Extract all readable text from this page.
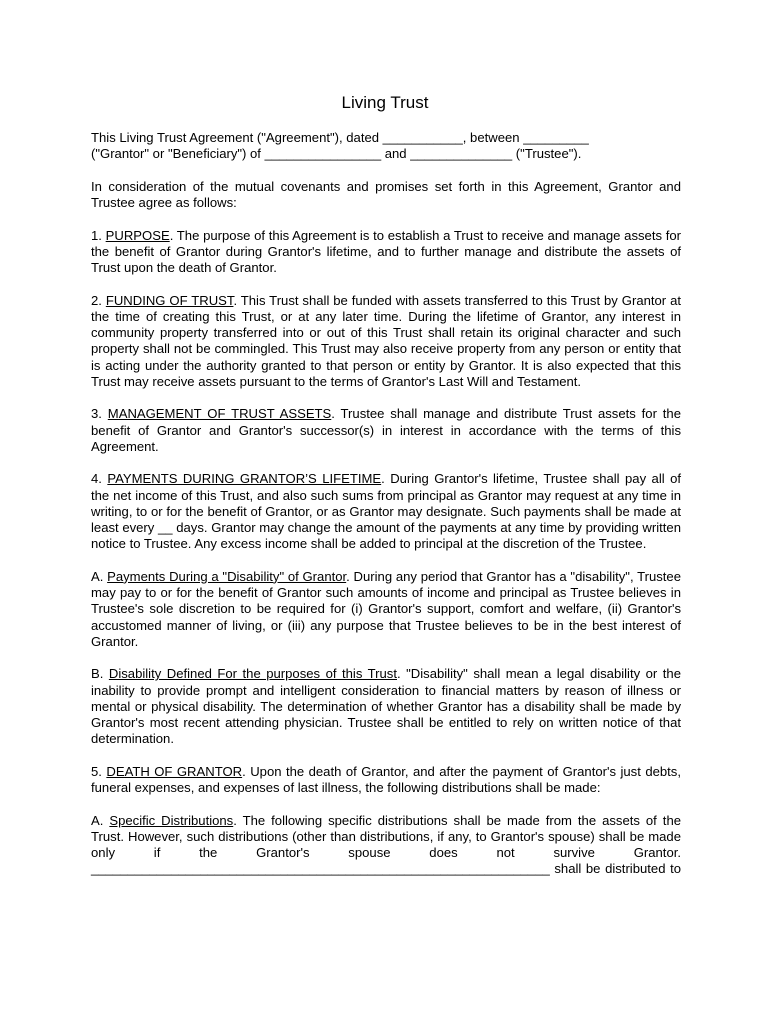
Living Trust
This Living Trust Agreement ("Agreement"), dated ___________, between _________
("Grantor" or "Beneficiary") of ________________ and ______________ ("Trustee").

In consideration of the mutual covenants and promises set forth in this Agreement, Grantor and Trustee agree as follows:

1. PURPOSE. The purpose of this Agreement is to establish a Trust to receive and manage assets for the benefit of Grantor during Grantor's lifetime, and to further manage and distribute the assets of Trust upon the death of Grantor.

2. FUNDING OF TRUST. This Trust shall be funded with assets transferred to this Trust by Grantor at the time of creating this Trust, or at any later time. During the lifetime of Grantor, any interest in community property transferred into or out of this Trust shall retain its original character and such property shall not be commingled. This Trust may also receive property from any person or entity that is acting under the authority granted to that person or entity by Grantor. It is also expected that this Trust may receive assets pursuant to the terms of Grantor's Last Will and Testament.

3. MANAGEMENT OF TRUST ASSETS. Trustee shall manage and distribute Trust assets for the benefit of Grantor and Grantor's successor(s) in interest in accordance with the terms of this Agreement.

4. PAYMENTS DURING GRANTOR’S LIFETIME. During Grantor's lifetime, Trustee shall pay all of the net income of this Trust, and also such sums from principal as Grantor may request at any time in writing, to or for the benefit of Grantor, or as Grantor may designate. Such payments shall be made at least every __ days. Grantor may change the amount of the payments at any time by providing written notice to Trustee. Any excess income shall be added to principal at the discretion of the Trustee.

A. Payments During a "Disability" of Grantor. During any period that Grantor has a "disability", Trustee may pay to or for the benefit of Grantor such amounts of income and principal as Trustee believes in Trustee's sole discretion to be required for (i) Grantor's support, comfort and welfare, (ii) Grantor's accustomed manner of living, or (iii) any purpose that Trustee believes to be in the best interest of Grantor.

B. Disability Defined For the purposes of this Trust. "Disability" shall mean a legal disability or the inability to provide prompt and intelligent consideration to financial matters by reason of illness or mental or physical disability. The determination of whether Grantor has a disability shall be made by Grantor's most recent attending physician. Trustee shall be entitled to rely on written notice of that determination.

5. DEATH OF GRANTOR. Upon the death of Grantor, and after the payment of Grantor's just debts, funeral expenses, and expenses of last illness, the following distributions shall be made:

A. Specific Distributions. The following specific distributions shall be made from the assets of the Trust. However, such distributions (other than distributions, if any, to Grantor's spouse) shall be made only if the Grantor's spouse does not survive Grantor.

_______________________________________________________________ shall be distributed to
